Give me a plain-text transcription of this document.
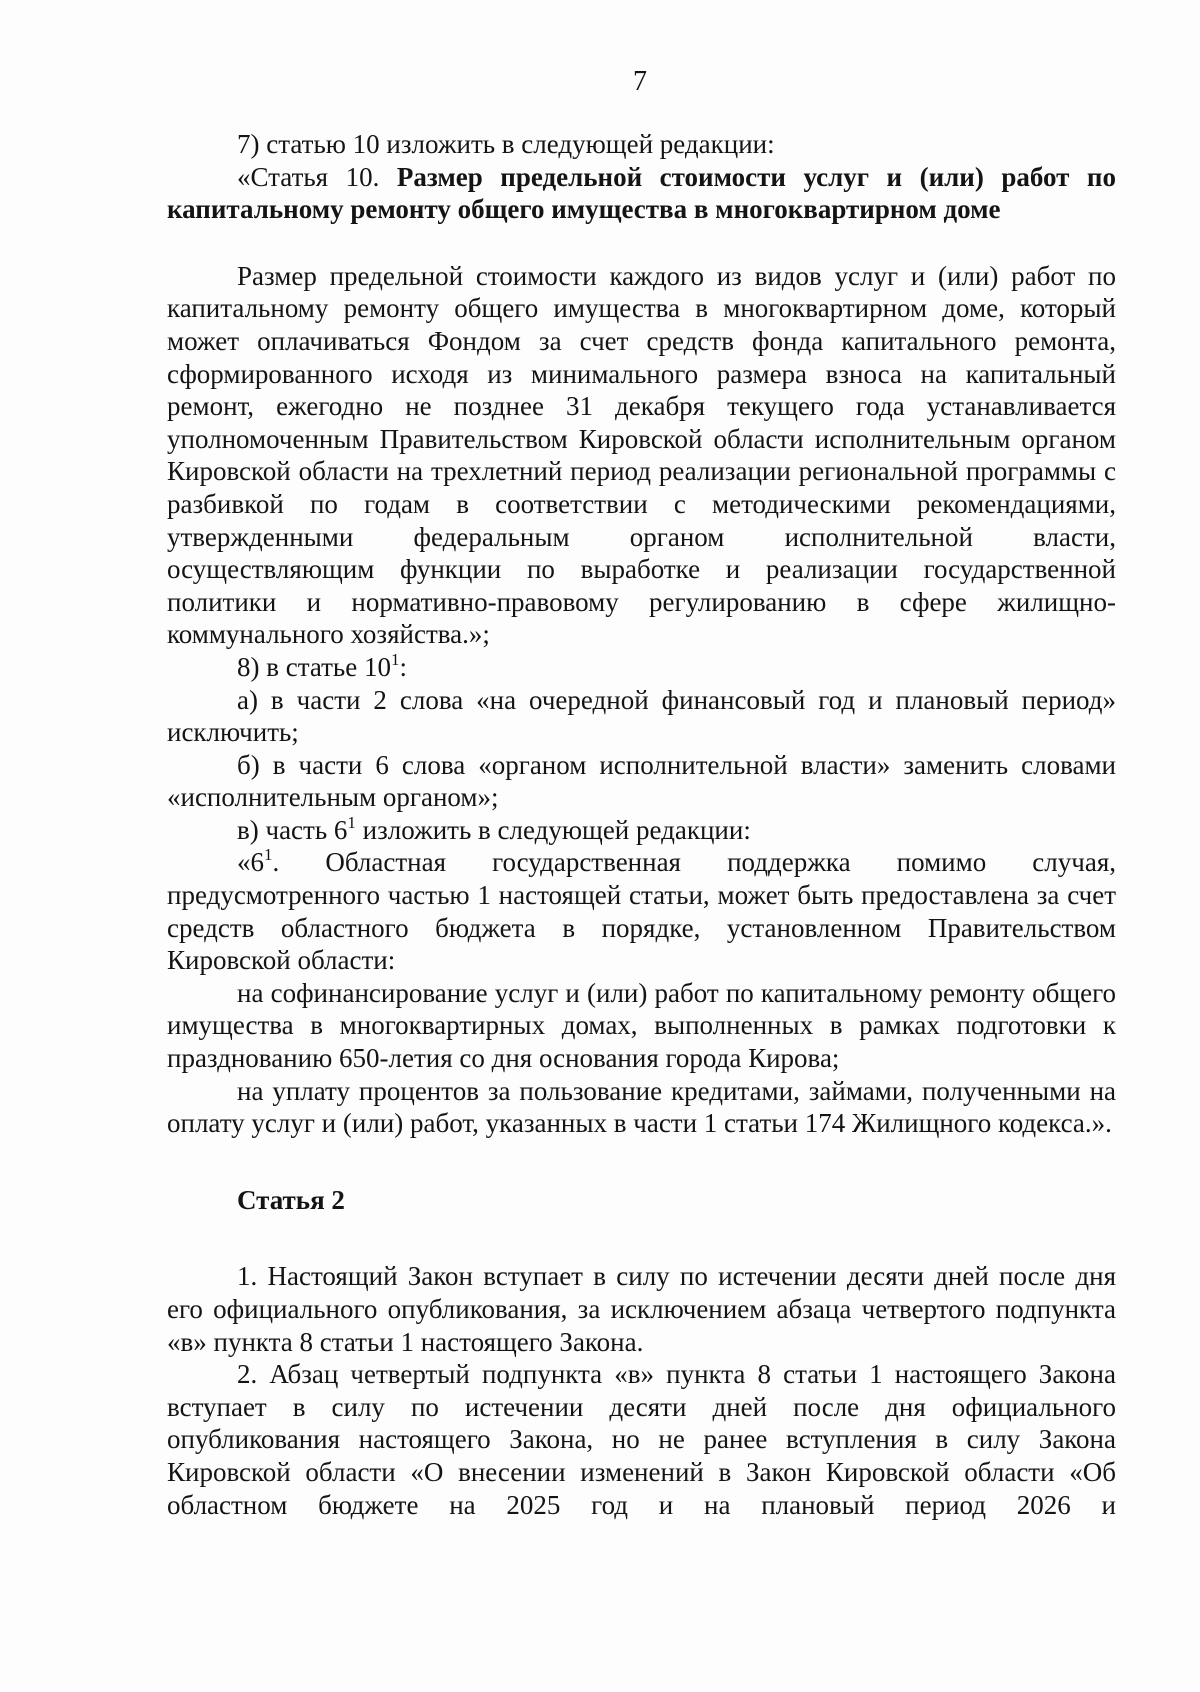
7

7) статью 10 изложить в следующей редакции:

«Статья 10. Размер предельной стоимости услуг и (или) работ по капитальному ремонту общего имущества в многоквартирном доме

Размер предельной стоимости каждого из видов услуг и (или) работ по капитальному ремонту общего имущества в многоквартирном доме, который может оплачиваться Фондом за счет средств фонда капитального ремонта, сформированного исходя из минимального размера взноса на капитальный ремонт, ежегодно не позднее 31 декабря текущего года устанавливается уполномоченным Правительством Кировской области исполнительным органом Кировской области на трехлетний период реализации региональной программы с разбивкой по годам в соответствии с методическими рекомендациями, утвержденными федеральным органом исполнительной власти, осуществляющим функции по выработке и реализации государственной политики и нормативно-правовому регулированию в сфере жилищно-коммунального хозяйства.»;

8) в статье $10^1$:

а) в части 2 слова «на очередной финансовый год и плановый период» исключить;

б) в части 6 слова «органом исполнительной власти» заменить словами «исполнительным органом»;

в) часть $6^1$ изложить в следующей редакции:

«$6^1$. Областная государственная поддержка помимо случая, предусмотренного частью 1 настоящей статьи, может быть предоставлена за счет средств областного бюджета в порядке, установленном Правительством Кировской области:

на софинансирование услуг и (или) работ по капитальному ремонту общего имущества в многоквартирных домах, выполненных в рамках подготовки к празднованию 650-летия со дня основания города Кирова;

на уплату процентов за пользование кредитами, займами, полученными на оплату услуг и (или) работ, указанных в части 1 статьи 174 Жилищного кодекса.».

Статья 2

1. Настоящий Закон вступает в силу по истечении десяти дней после дня его официального опубликования, за исключением абзаца четвертого подпункта «в» пункта 8 статьи 1 настоящего Закона.

2. Абзац четвертый подпункта «в» пункта 8 статьи 1 настоящего Закона вступает в силу по истечении десяти дней после дня официального опубликования настоящего Закона, но не ранее вступления в силу Закона Кировской области «О внесении изменений в Закон Кировской области «Об областном бюджете на 2025 год и на плановый период 2026 и
